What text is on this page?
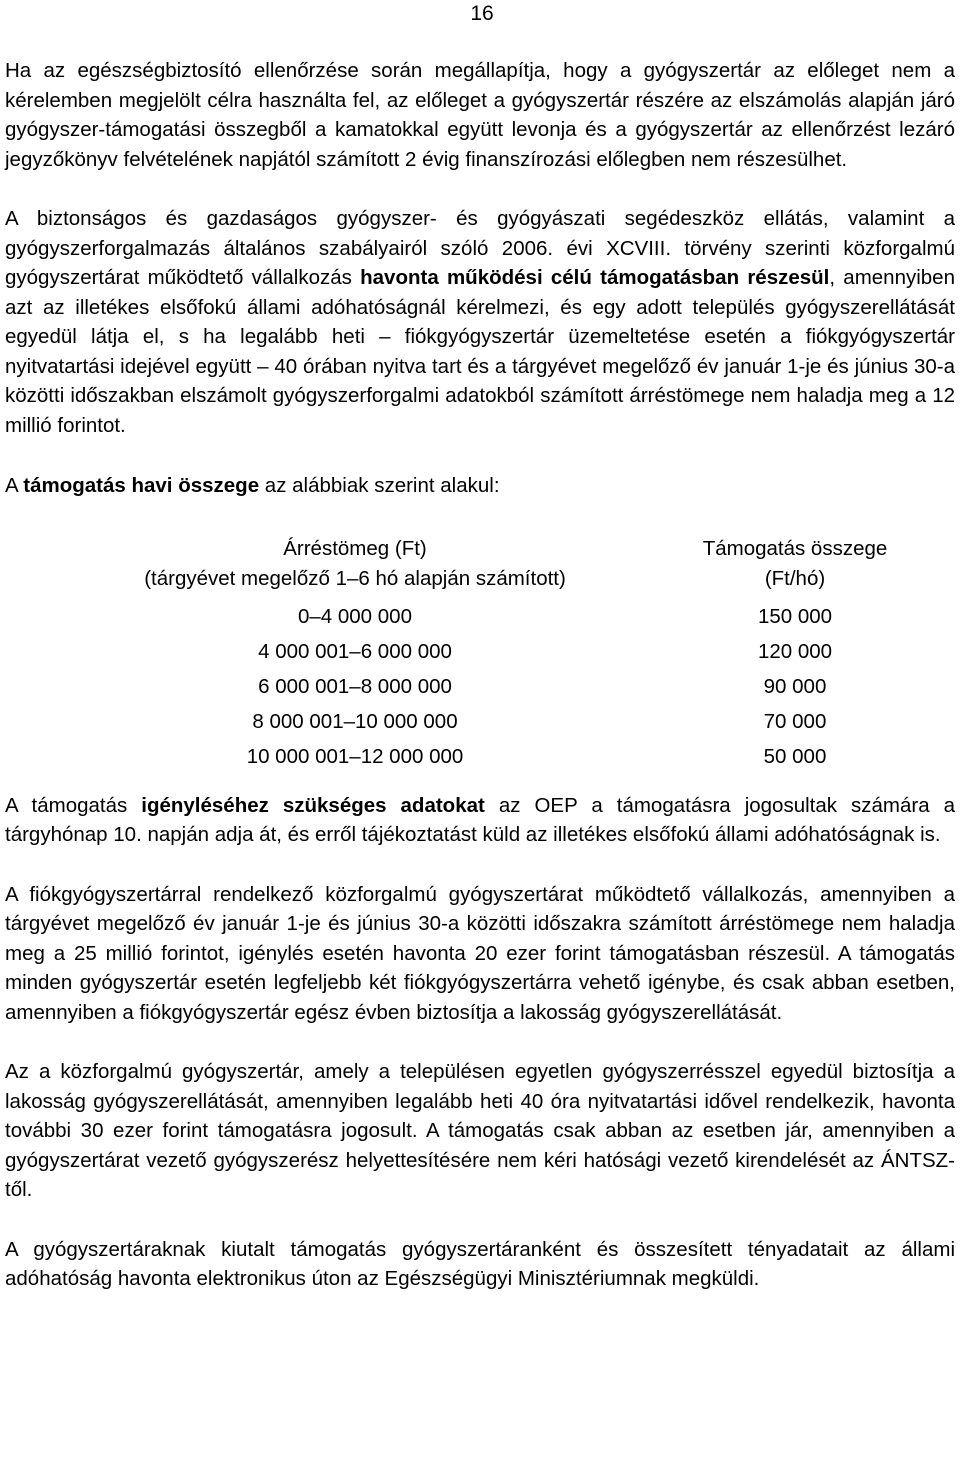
16

Ha az egészségbiztosító ellenőrzése során megállapítja, hogy a gyógyszertár az előleget nem a kérelemben megjelölt célra használta fel, az előleget a gyógyszertár részére az elszámolás alapján járó gyógyszer-támogatási összegből a kamatokkal együtt levonja és a gyógyszertár az ellenőrzést lezáró jegyzőkönyv felvételének napjától számított 2 évig finanszírozási előlegben nem részesülhet.

A biztonságos és gazdaságos gyógyszer- és gyógyászati segédeszköz ellátás, valamint a gyógyszerforgalmazás általános szabályairól szóló 2006. évi XCVIII. törvény szerinti közforgalmú gyógyszertárat működtető vállalkozás havonta működési célú támogatásban részesül, amennyiben azt az illetékes elsőfokú állami adóhatóságnál kérelmezi, és egy adott település gyógyszerellátását egyedül látja el, s ha legalább heti – fiókgyógyszertár üzemeltetése esetén a fiókgyógyszertár nyitvatartási idejével együtt – 40 órában nyitva tart és a tárgyévet megelőző év január 1-je és június 30-a közötti időszakban elszámolt gyógyszerforgalmi adatokból számított árréstömege nem haladja meg a 12 millió forintot.

A támogatás havi összege az alábbiak szerint alakul:

Árréstömeg (Ft)	Támogatás összege
(tárgyévet megelőző 1–6 hó alapján számított)	(Ft/hó)
0–4 000 000	150 000
4 000 001–6 000 000	120 000
6 000 001–8 000 000	90 000
8 000 001–10 000 000	70 000
10 000 001–12 000 000	50 000

A támogatás igényléséhez szükséges adatokat az OEP a támogatásra jogosultak számára a tárgyhónap 10. napján adja át, és erről tájékoztatást küld az illetékes elsőfokú állami adóhatóságnak is.

A fiókgyógyszertárral rendelkező közforgalmú gyógyszertárat működtető vállalkozás, amennyiben a tárgyévet megelőző év január 1-je és június 30-a közötti időszakra számított árréstömege nem haladja meg a 25 millió forintot, igénylés esetén havonta 20 ezer forint támogatásban részesül. A támogatás minden gyógyszertár esetén legfeljebb két fiókgyógyszertárra vehető igénybe, és csak abban esetben, amennyiben a fiókgyógyszertár egész évben biztosítja a lakosság gyógyszerellátását.

Az a közforgalmú gyógyszertár, amely a településen egyetlen gyógyszerrésszel egyedül biztosítja a lakosság gyógyszerellátását, amennyiben legalább heti 40 óra nyitvatartási idővel rendelkezik, havonta további 30 ezer forint támogatásra jogosult. A támogatás csak abban az esetben jár, amennyiben a gyógyszertárat vezető gyógyszerész helyettesítésére nem kéri hatósági vezető kirendelését az ÁNTSZ-től.

A gyógyszertáraknak kiutalt támogatás gyógyszertáranként és összesített tényadatait az állami adóhatóság havonta elektronikus úton az Egészségügyi Minisztériumnak megküldi.
